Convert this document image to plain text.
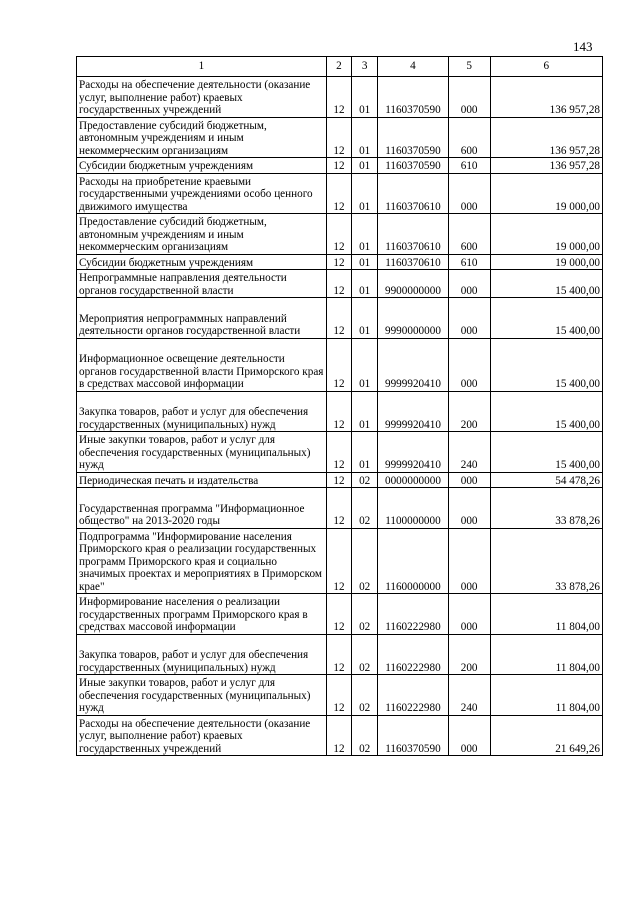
143
1	2	3	4	5	6
Расходы на обеспечение деятельности (оказание услуг, выполнение работ) краевых государственных учреждений	12	01	1160370590	000	136 957,28
Предоставление субсидий бюджетным, автономным учреждениям и иным некоммерческим организациям	12	01	1160370590	600	136 957,28
Субсидии бюджетным учреждениям	12	01	1160370590	610	136 957,28
Расходы на приобретение краевыми государственными учреждениями особо ценного движимого имущества	12	01	1160370610	000	19 000,00
Предоставление субсидий бюджетным, автономным учреждениям и иным некоммерческим организациям	12	01	1160370610	600	19 000,00
Субсидии бюджетным учреждениям	12	01	1160370610	610	19 000,00
Непрограммные направления деятельности органов государственной власти	12	01	9900000000	000	15 400,00
Мероприятия непрограммных направлений деятельности органов государственной власти	12	01	9990000000	000	15 400,00
Информационное освещение деятельности органов государственной власти Приморского края в средствах массовой информации	12	01	9999920410	000	15 400,00
Закупка товаров, работ и услуг для обеспечения государственных (муниципальных) нужд	12	01	9999920410	200	15 400,00
Иные закупки товаров, работ и услуг для обеспечения государственных (муниципальных) нужд	12	01	9999920410	240	15 400,00
Периодическая печать и издательства	12	02	0000000000	000	54 478,26
Государственная программа "Информационное общество" на 2013-2020 годы	12	02	1100000000	000	33 878,26
Подпрограмма "Информирование населения Приморского края о реализации государственных программ Приморского края и социально значимых проектах и мероприятиях в Приморском крае"	12	02	1160000000	000	33 878,26
Информирование населения о реализации государственных программ Приморского края в средствах массовой информации	12	02	1160222980	000	11 804,00
Закупка товаров, работ и услуг для обеспечения государственных (муниципальных) нужд	12	02	1160222980	200	11 804,00
Иные закупки товаров, работ и услуг для обеспечения государственных (муниципальных) нужд	12	02	1160222980	240	11 804,00
Расходы на обеспечение деятельности (оказание услуг, выполнение работ) краевых государственных учреждений	12	02	1160370590	000	21 649,26
